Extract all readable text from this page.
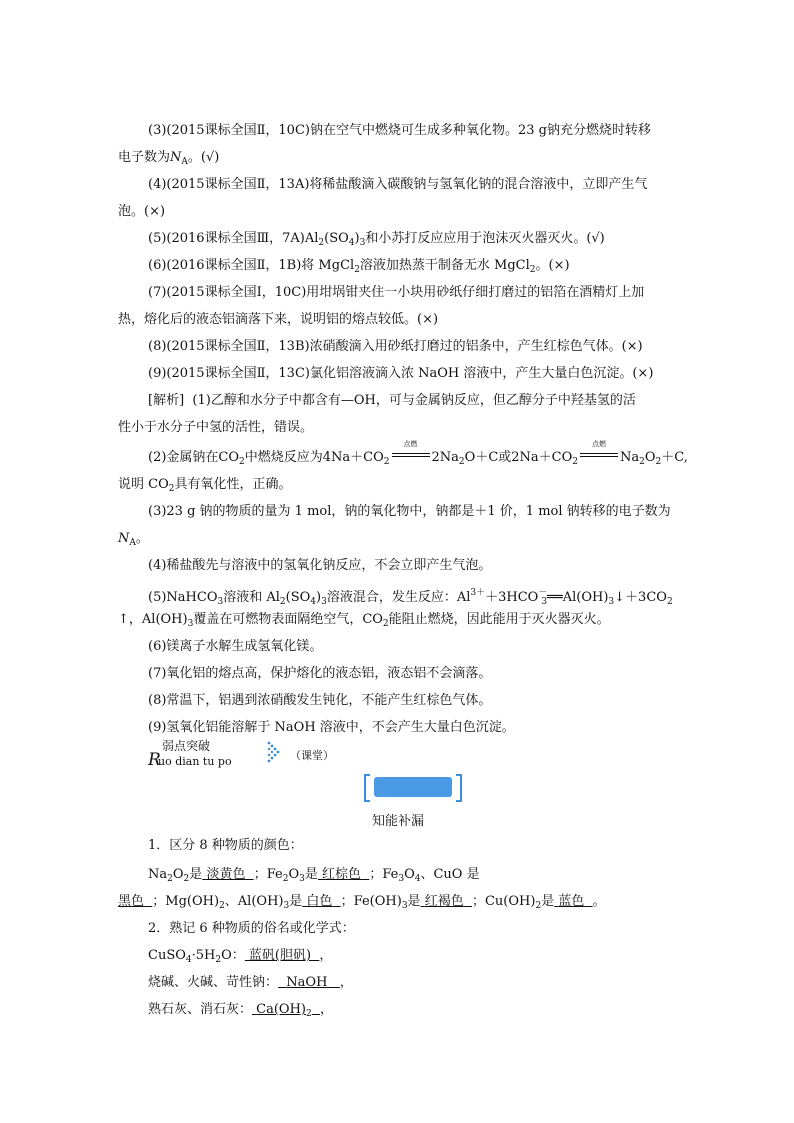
(3)(2015课标全国Ⅱ，10C)钠在空气中燃烧可生成多种氧化物。23 g钠充分燃烧时转移
电子数为$N_A$。(√)
(4)(2015课标全国Ⅱ，13A)将稀盐酸滴入碳酸钠与氢氧化钠的混合溶液中，立即产生气
泡。(×)
(5)(2016课标全国Ⅲ，$7A)Al_2(SO_4)_3$和小苏打反应应用于泡沫灭火器灭火。(√)
(6)(2016课标全国Ⅱ，1B)将 MgCl$_2$溶液加热蒸干制备无水 MgCl$_2$。(×)
(7)(2015课标全国Ⅰ，10C)用坩埚钳夹住一小块用砂纸仔细打磨过的铝箔在酒精灯上加
热，熔化后的液态铝滴落下来，说明铝的熔点较低。(×)
(8)(2015课标全国Ⅱ，13B)浓硝酸滴入用砂纸打磨过的铝条中，产生红棕色气体。(×)
(9)(2015课标全国Ⅱ，13C)氯化铝溶液滴入浓 NaOH 溶液中，产生大量白色沉淀。(×)
[解析] (1)乙醇和水分子中都含有—OH，可与金属钠反应，但乙醇分子中羟基氢的活
性小于水分子中氢的活性，错误。
(2)金属钠在$CO_2$中燃烧反应为$4Na+CO_2$
点燃
$2Na_2O+C$或$2Na+CO_2$
点燃
$Na_2O_2+C$,
说明 $CO_2$具有氧化性，正确。
(3)23 g 钠的物质的量为 1 mol，钠的氧化物中，钠都是＋1 价，1 mol 钠转移的电子数为
$N_A$。
(4)稀盐酸先与溶液中的氢氧化钠反应，不会立即产生气泡。
(5)NaHCO$_3$溶液和 $Al_2(SO_4)_3$溶液混合，发生反应：$Al^{3+}+3HCO^-_3══Al(OH)_3↓+3CO_2$
↑，$Al(OH)_3$覆盖在可燃物表面隔绝空气，$CO_2$能阻止燃烧，因此能用于灭火器灭火。
(6)镁离子水解生成氢氧化镁。
(7)氧化铝的熔点高，保护熔化的液态铝，液态铝不会滴落。
(8)常温下，铝遇到浓硝酸发生钝化，不能产生红棕色气体。
(9)氢氧化铝能溶解于 NaOH 溶液中，不会产生大量白色沉淀。
R
弱点突破
uo dian tu po	（课堂）
知能补漏
1．区分 8 种物质的颜色：
$Na_2O_2$是 淡黄色 ；$Fe_2O_3$是 红棕色 ；$Fe_3O_4$、CuO 是
黑色 ；$Mg(OH)_2$、$Al(OH)_3$是 白色 ；$Fe(OH)_3$是 红褐色 ；$Cu(OH)_2$是 蓝色 。
2．熟记 6 种物质的俗名或化学式：
$CuSO_4\cdot 5H_2O$： 蓝矾(胆矾) ，
烧碱、火碱、苛性钠： NaOH ，
熟石灰、消石灰： $Ca(OH)_2$ ，
